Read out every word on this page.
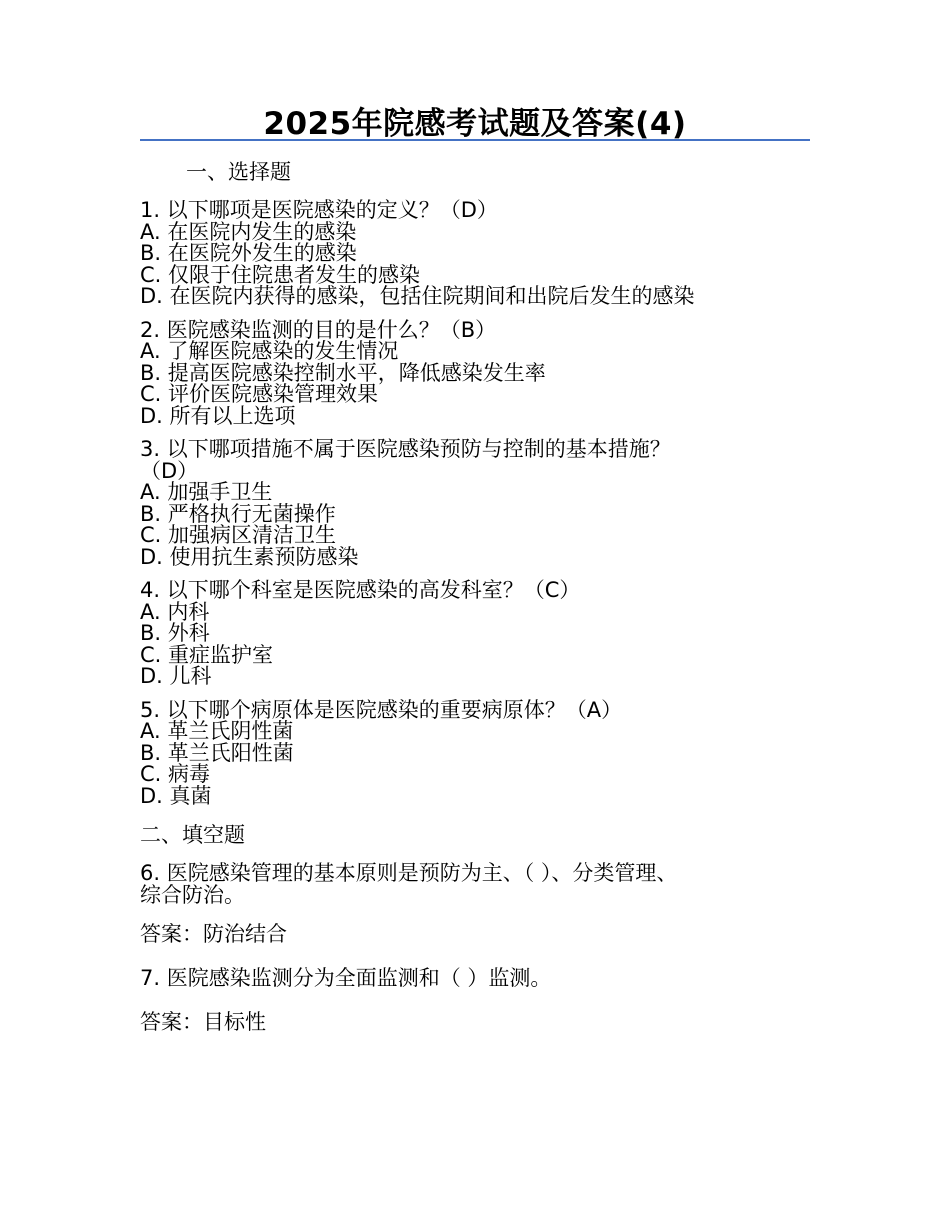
2025年院感考试题及答案(4)
一、选择题
1. 以下哪项是医院感染的定义？（D）
A. 在医院内发生的感染
B. 在医院外发生的感染
C. 仅限于住院患者发生的感染
D. 在医院内获得的感染，包括住院期间和出院后发生的感染
2. 医院感染监测的目的是什么？（B）
A. 了解医院感染的发生情况
B. 提高医院感染控制水平，降低感染发生率
C. 评价医院感染管理效果
D. 所有以上选项
3. 以下哪项措施不属于医院感染预防与控制的基本措施？
（D）
A. 加强手卫生
B. 严格执行无菌操作
C. 加强病区清洁卫生
D. 使用抗生素预防感染
4. 以下哪个科室是医院感染的高发科室？（C）
A. 内科
B. 外科
C. 重症监护室
D. 儿科
5. 以下哪个病原体是医院感染的重要病原体？（A）
A. 革兰氏阴性菌
B. 革兰氏阳性菌
C. 病毒
D. 真菌
二、填空题
6. 医院感染管理的基本原则是预防为主、（ ）、分类管理、
综合防治。
答案：防治结合
7. 医院感染监测分为全面监测和（ ）监测。
答案：目标性
